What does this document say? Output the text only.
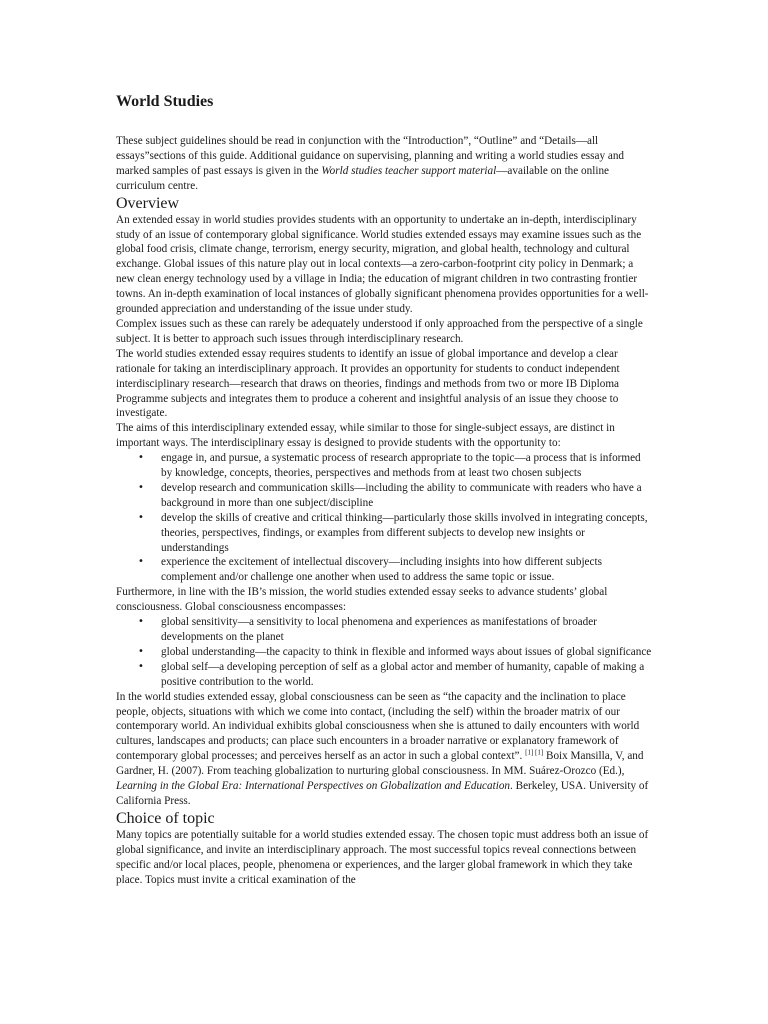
World Studies

These subject guidelines should be read in conjunction with the “Introduction”, “Outline” and “Details—all essays”sections of this guide. Additional guidance on supervising, planning and writing a world studies essay and marked samples of past essays is given in the World studies teacher support material—available on the online curriculum centre.

Overview

An extended essay in world studies provides students with an opportunity to undertake an in-depth, interdisciplinary study of an issue of contemporary global significance. World studies extended essays may examine issues such as the global food crisis, climate change, terrorism, energy security, migration, and global health, technology and cultural exchange. Global issues of this nature play out in local contexts—a zero-carbon-footprint city policy in Denmark; a new clean energy technology used by a village in India; the education of migrant children in two contrasting frontier towns. An in-depth examination of local instances of globally significant phenomena provides opportunities for a well-grounded appreciation and understanding of the issue under study.

Complex issues such as these can rarely be adequately understood if only approached from the perspective of a single subject. It is better to approach such issues through interdisciplinary research.

The world studies extended essay requires students to identify an issue of global importance and develop a clear rationale for taking an interdisciplinary approach. It provides an opportunity for students to conduct independent interdisciplinary research—research that draws on theories, findings and methods from two or more IB Diploma Programme subjects and integrates them to produce a coherent and insightful analysis of an issue they choose to investigate.

The aims of this interdisciplinary extended essay, while similar to those for single-subject essays, are distinct in important ways. The interdisciplinary essay is designed to provide students with the opportunity to:

• engage in, and pursue, a systematic process of research appropriate to the topic—a process that is informed by knowledge, concepts, theories, perspectives and methods from at least two chosen subjects
• develop research and communication skills—including the ability to communicate with readers who have a background in more than one subject/discipline
• develop the skills of creative and critical thinking—particularly those skills involved in integrating concepts, theories, perspectives, findings, or examples from different subjects to develop new insights or understandings
• experience the excitement of intellectual discovery—including insights into how different subjects complement and/or challenge one another when used to address the same topic or issue.

Furthermore, in line with the IB’s mission, the world studies extended essay seeks to advance students’ global consciousness. Global consciousness encompasses:

• global sensitivity—a sensitivity to local phenomena and experiences as manifestations of broader developments on the planet
• global understanding—the capacity to think in flexible and informed ways about issues of global significance
• global self—a developing perception of self as a global actor and member of humanity, capable of making a positive contribution to the world.

In the world studies extended essay, global consciousness can be seen as “the capacity and the inclination to place people, objects, situations with which we come into contact, (including the self) within the broader matrix of our contemporary world. An individual exhibits global consciousness when she is attuned to daily encounters with world cultures, landscapes and products; can place such encounters in a broader narrative or explanatory framework of contemporary global processes; and perceives herself as an actor in such a global context”. [1] [1] Boix Mansilla, V, and Gardner, H. (2007). From teaching globalization to nurturing global consciousness. In MM. Suárez-Orozco (Ed.), Learning in the Global Era: International Perspectives on Globalization and Education. Berkeley, USA. University of California Press.

Choice of topic

Many topics are potentially suitable for a world studies extended essay. The chosen topic must address both an issue of global significance, and invite an interdisciplinary approach. The most successful topics reveal connections between specific and/or local places, people, phenomena or experiences, and the larger global framework in which they take place. Topics must invite a critical examination of the
